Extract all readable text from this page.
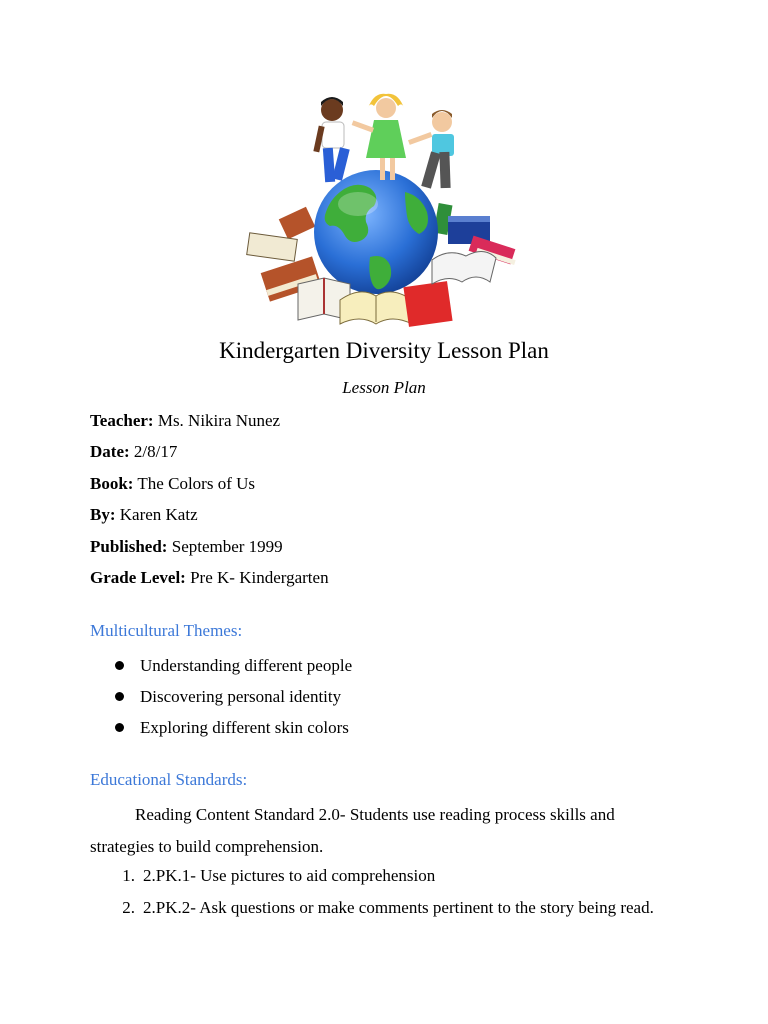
Kindergarten Diversity Lesson Plan
Lesson Plan
Teacher: Ms. Nikira Nunez
Date: 2/8/17
Book: The Colors of Us
By: Karen Katz
Published: September 1999
Grade Level: Pre K- Kindergarten
Multicultural Themes:
Understanding different people
Discovering personal identity
Exploring different skin colors
Educational Standards:
Reading Content Standard 2.0- Students use reading process skills and
strategies to build comprehension.
1. 2.PK.1- Use pictures to aid comprehension
2. 2.PK.2- Ask questions or make comments pertinent to the story being read.
